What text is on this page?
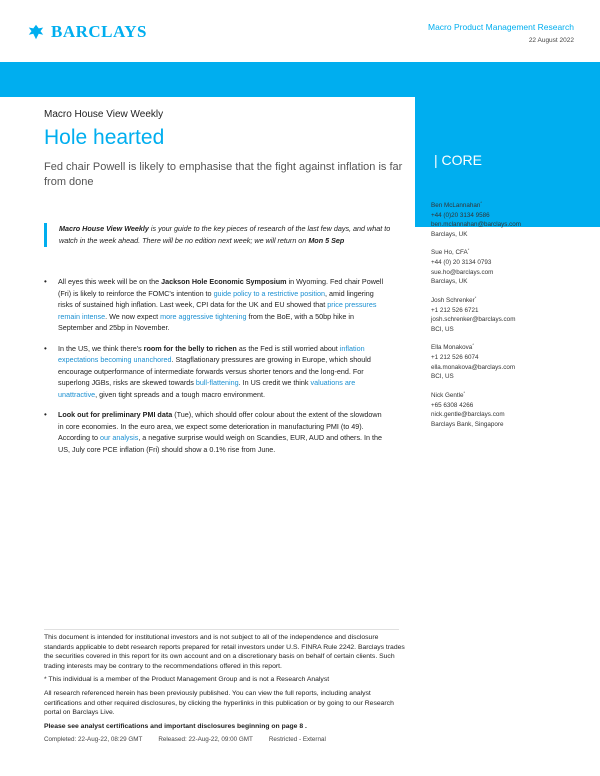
BARCLAYS	Macro Product Management Research
22 August 2022
| CORE
Macro House View Weekly
Hole hearted
Fed chair Powell is likely to emphasise that the fight against inflation is far from done
Macro House View Weekly is your guide to the key pieces of research of the last few days, and what to watch in the week ahead. There will be no edition next week; we will return on Mon 5 Sep
• All eyes this week will be on the Jackson Hole Economic Symposium in Wyoming. Fed chair Powell (Fri) is likely to reinforce the FOMC's intention to guide policy to a restrictive position, amid lingering risks of sustained high inflation. Last week, CPI data for the UK and EU showed that price pressures remain intense. We now expect more aggressive tightening from the BoE, with a 50bp hike in September and 25bp in November.
• In the US, we think there's room for the belly to richen as the Fed is still worried about inflation expectations becoming unanchored. Stagflationary pressures are growing in Europe, which should encourage outperformance of intermediate forwards versus shorter tenors and the long-end. For superlong JGBs, risks are skewed towards bull-flattening. In US credit we think valuations are unattractive, given tight spreads and a tough macro environment.
• Look out for preliminary PMI data (Tue), which should offer colour about the extent of the slowdown in core economies. In the euro area, we expect some deterioration in manufacturing PMI (to 49). According to our analysis, a negative surprise would weigh on Scandies, EUR, AUD and others. In the US, July core PCE inflation (Fri) should show a 0.1% rise from June.
Ben McLannahan*
+44 (0)20 3134 9586
ben.mclannahan@barclays.com
Barclays, UK
Sue Ho, CFA*
+44 (0) 20 3134 0793
sue.ho@barclays.com
Barclays, UK
Josh Schrenker*
+1 212 526 6721
josh.schrenker@barclays.com
BCI, US
Ella Monakova*
+1 212 526 6074
ella.monakova@barclays.com
BCI, US
Nick Gentle*
+65 6308 4266
nick.gentle@barclays.com
Barclays Bank, Singapore

This document is intended for institutional investors and is not subject to all of the independence and disclosure standards applicable to debt research reports prepared for retail investors under U.S. FINRA Rule 2242. Barclays trades the securities covered in this report for its own account and on a discretionary basis on behalf of certain clients. Such trading interests may be contrary to the recommendations offered in this report.

* This individual is a member of the Product Management Group and is not a Research Analyst

All research referenced herein has been previously published. You can view the full reports, including analyst certifications and other required disclosures, by clicking the hyperlinks in this publication or by going to our Research portal on Barclays Live.

Please see analyst certifications and important disclosures beginning on page 8 .

Completed: 22-Aug-22, 08:29 GMT	Released: 22-Aug-22, 09:00 GMT	Restricted - External
